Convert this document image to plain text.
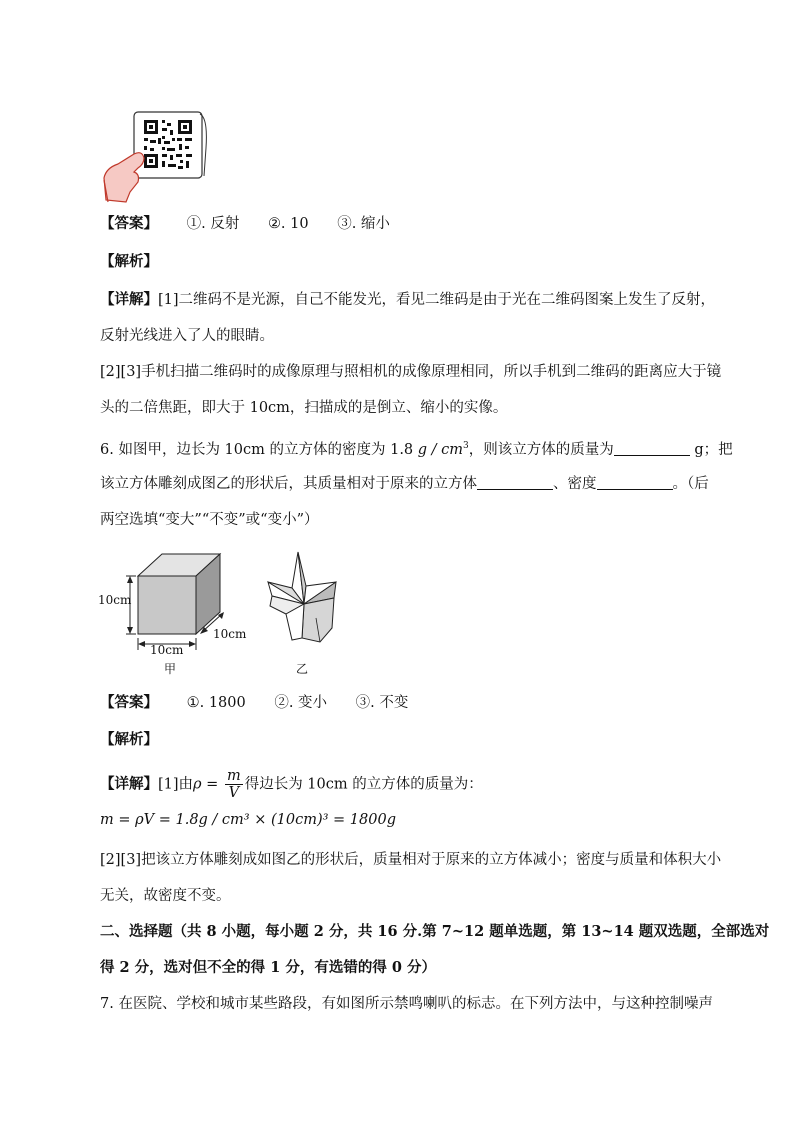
【答案】 ①. 反射 ②. 10 ③. 缩小
【解析】
【详解】[1]二维码不是光源，自己不能发光，看见二维码是由于光在二维码图案上发生了反射，
反射光线进入了人的眼睛。
[2][3]手机扫描二维码时的成像原理与照相机的成像原理相同，所以手机到二维码的距离应大于镜
头的二倍焦距，即大于 10cm，扫描成的是倒立、缩小的实像。
6. 如图甲，边长为 10cm 的立方体的密度为 1.8 g / $cm^3$，则该立方体的质量为	g；把
该立方体雕刻成图乙的形状后，其质量相对于原来的立方体	、密度	。（后
两空选填“变大”“不变”或“变小”）
10cm
10cm
10cm
甲	乙
【答案】 ①. 1800 ②. 变小 ③. 不变
【解析】
【详解】[1]由$\rho = \frac{m}{V}$ 得边长为 10cm 的立方体的质量为：
m = ρV = 1.8g / cm³ × (10cm)³ = 1800g
[2][3]把该立方体雕刻成如图乙的形状后，质量相对于原来的立方体减小；密度与质量和体积大小
无关，故密度不变。
二、选择题（共 8 小题，每小题 2 分，共 16 分.第 7~12 题单选题，第 13~14 题双选题，全部选对
得 2 分，选对但不全的得 1 分，有选错的得 0 分）
7. 在医院、学校和城市某些路段，有如图所示禁鸣喇叭的标志。在下列方法中，与这种控制噪声
